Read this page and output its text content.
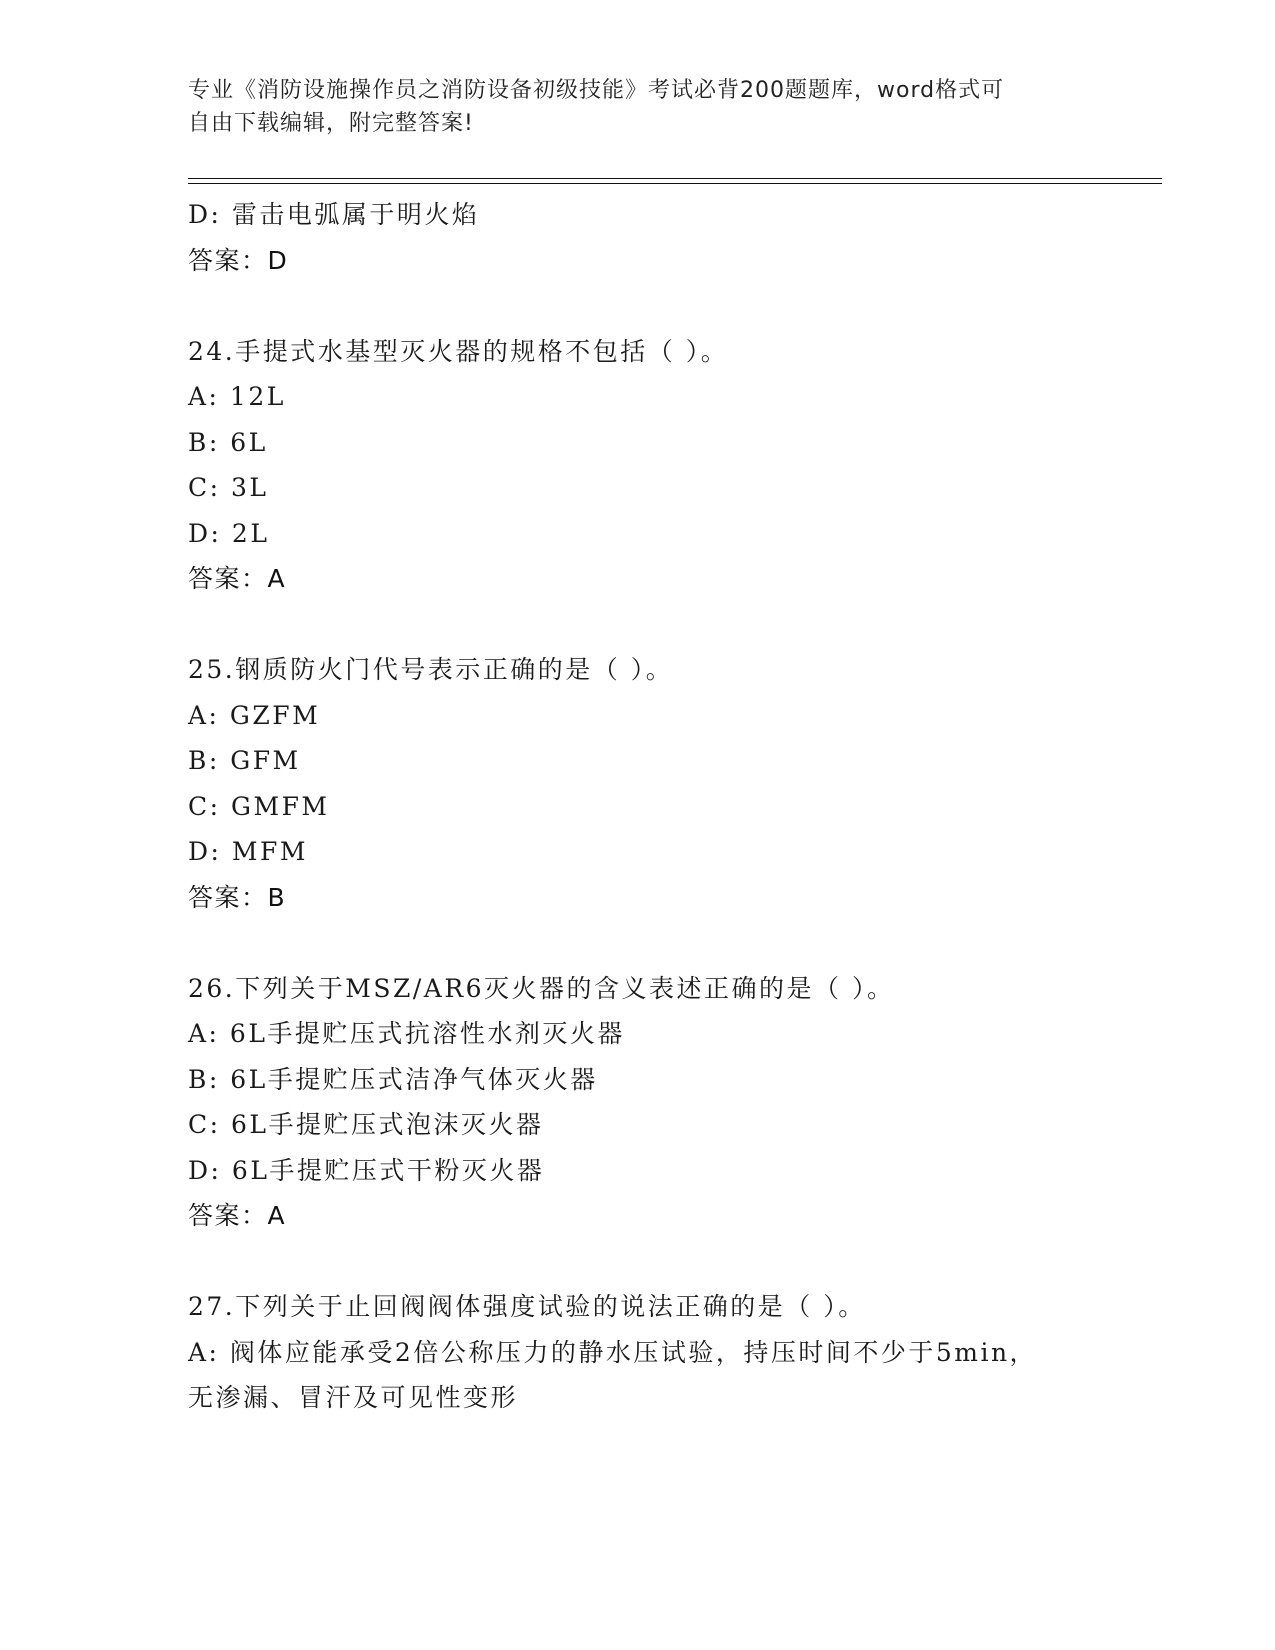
专业《消防设施操作员之消防设备初级技能》考试必背200题题库，word格式可
自由下载编辑，附完整答案!
D: 雷击电弧属于明火焰
答案：D
24.手提式水基型灭火器的规格不包括（ ）。
A: 12L
B: 6L
C: 3L
D: 2L
答案：A
25.钢质防火门代号表示正确的是（ ）。
A: GZFM
B: GFM
C: GMFM
D: MFM
答案：B
26.下列关于MSZ/AR6灭火器的含义表述正确的是（ ）。
A: 6L手提贮压式抗溶性水剂灭火器
B: 6L手提贮压式洁净气体灭火器
C: 6L手提贮压式泡沫灭火器
D: 6L手提贮压式干粉灭火器
答案：A
27.下列关于止回阀阀体强度试验的说法正确的是（ ）。
A: 阀体应能承受2倍公称压力的静水压试验，持压时间不少于5min，
无渗漏、冒汗及可见性变形
